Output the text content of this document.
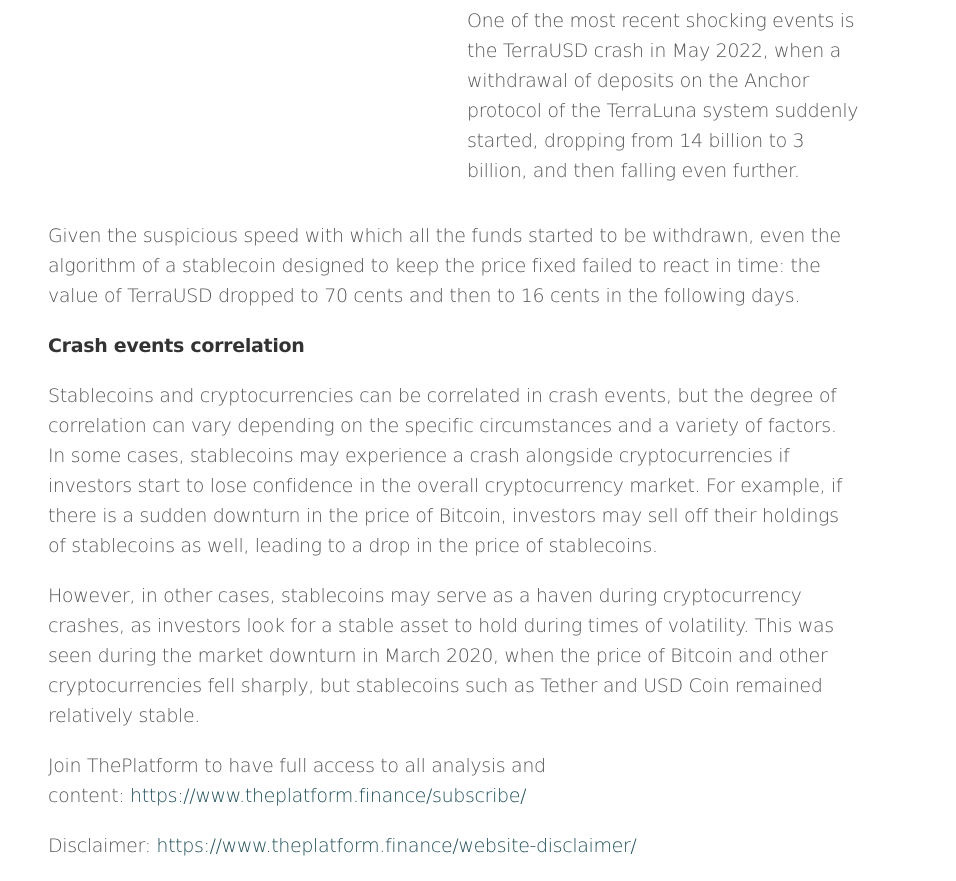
One of the most recent shocking events is the TerraUSD crash in May 2022, when a withdrawal of deposits on the Anchor protocol of the TerraLuna system suddenly started, dropping from 14 billion to 3 billion, and then falling even further.

Given the suspicious speed with which all the funds started to be withdrawn, even the algorithm of a stablecoin designed to keep the price fixed failed to react in time: the value of TerraUSD dropped to 70 cents and then to 16 cents in the following days.

Crash events correlation

Stablecoins and cryptocurrencies can be correlated in crash events, but the degree of correlation can vary depending on the specific circumstances and a variety of factors. In some cases, stablecoins may experience a crash alongside cryptocurrencies if investors start to lose confidence in the overall cryptocurrency market. For example, if there is a sudden downturn in the price of Bitcoin, investors may sell off their holdings of stablecoins as well, leading to a drop in the price of stablecoins.

However, in other cases, stablecoins may serve as a haven during cryptocurrency crashes, as investors look for a stable asset to hold during times of volatility. This was seen during the market downturn in March 2020, when the price of Bitcoin and other cryptocurrencies fell sharply, but stablecoins such as Tether and USD Coin remained relatively stable.

Join ThePlatform to have full access to all analysis and
content: https://www.theplatform.finance/subscribe/

Disclaimer: https://www.theplatform.finance/website-disclaimer/
